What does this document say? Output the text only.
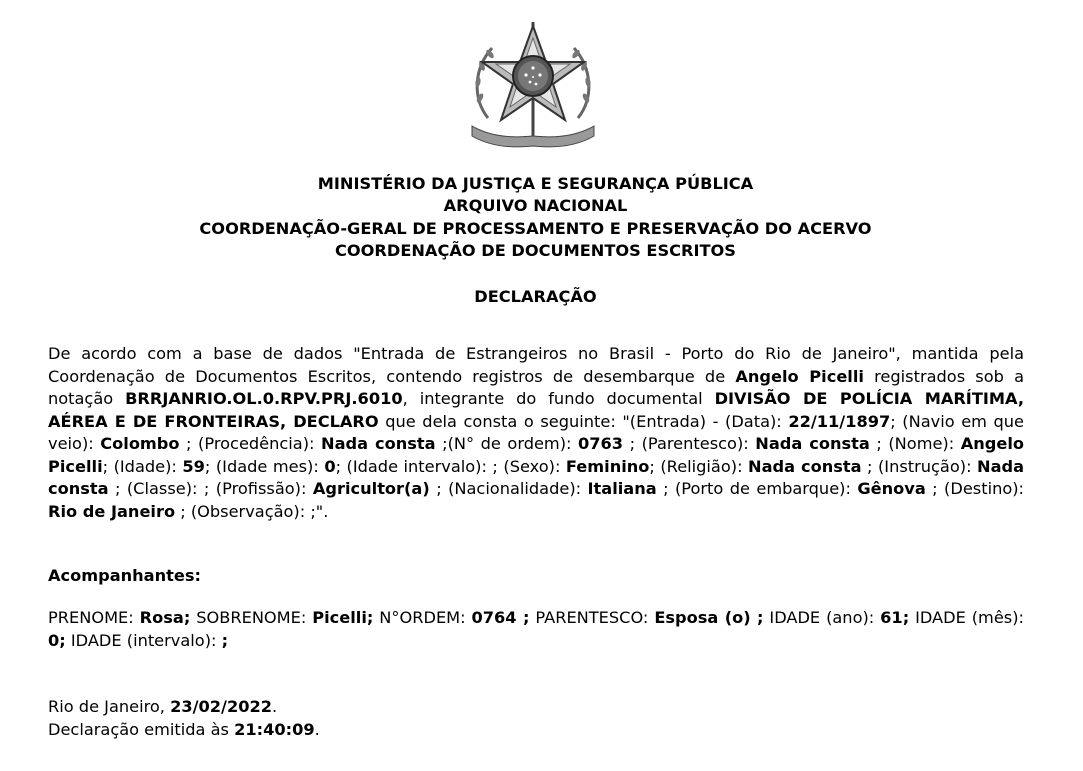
MINISTÉRIO DA JUSTIÇA E SEGURANÇA PÚBLICA
ARQUIVO NACIONAL
COORDENAÇÃO-GERAL DE PROCESSAMENTO E PRESERVAÇÃO DO ACERVO
COORDENAÇÃO DE DOCUMENTOS ESCRITOS
DECLARAÇÃO
De acordo com a base de dados "Entrada de Estrangeiros no Brasil - Porto do Rio de Janeiro", mantida pela Coordenação de Documentos Escritos, contendo registros de desembarque de Angelo Picelli registrados sob a notação BRRJANRIO.OL.0.RPV.PRJ.6010, integrante do fundo documental DIVISÃO DE POLÍCIA MARÍTIMA, AÉREA E DE FRONTEIRAS, DECLARO que dela consta o seguinte: "(Entrada) - (Data): 22/11/1897; (Navio em que veio): Colombo ; (Procedência): Nada consta ;(N° de ordem): 0763 ; (Parentesco): Nada consta ; (Nome): Angelo Picelli; (Idade): 59; (Idade mes): 0; (Idade intervalo): ; (Sexo): Feminino; (Religião): Nada consta ; (Instrução): Nada consta ; (Classe): ; (Profissão): Agricultor(a) ; (Nacionalidade): Italiana ; (Porto de embarque): Gênova ; (Destino): Rio de Janeiro ; (Observação): ;".
Acompanhantes:
PRENOME: Rosa; SOBRENOME: Picelli; N°ORDEM: 0764 ; PARENTESCO: Esposa (o) ; IDADE (ano): 61; IDADE (mês): 0; IDADE (intervalo): ;
Rio de Janeiro, 23/02/2022.
Declaração emitida às 21:40:09.
